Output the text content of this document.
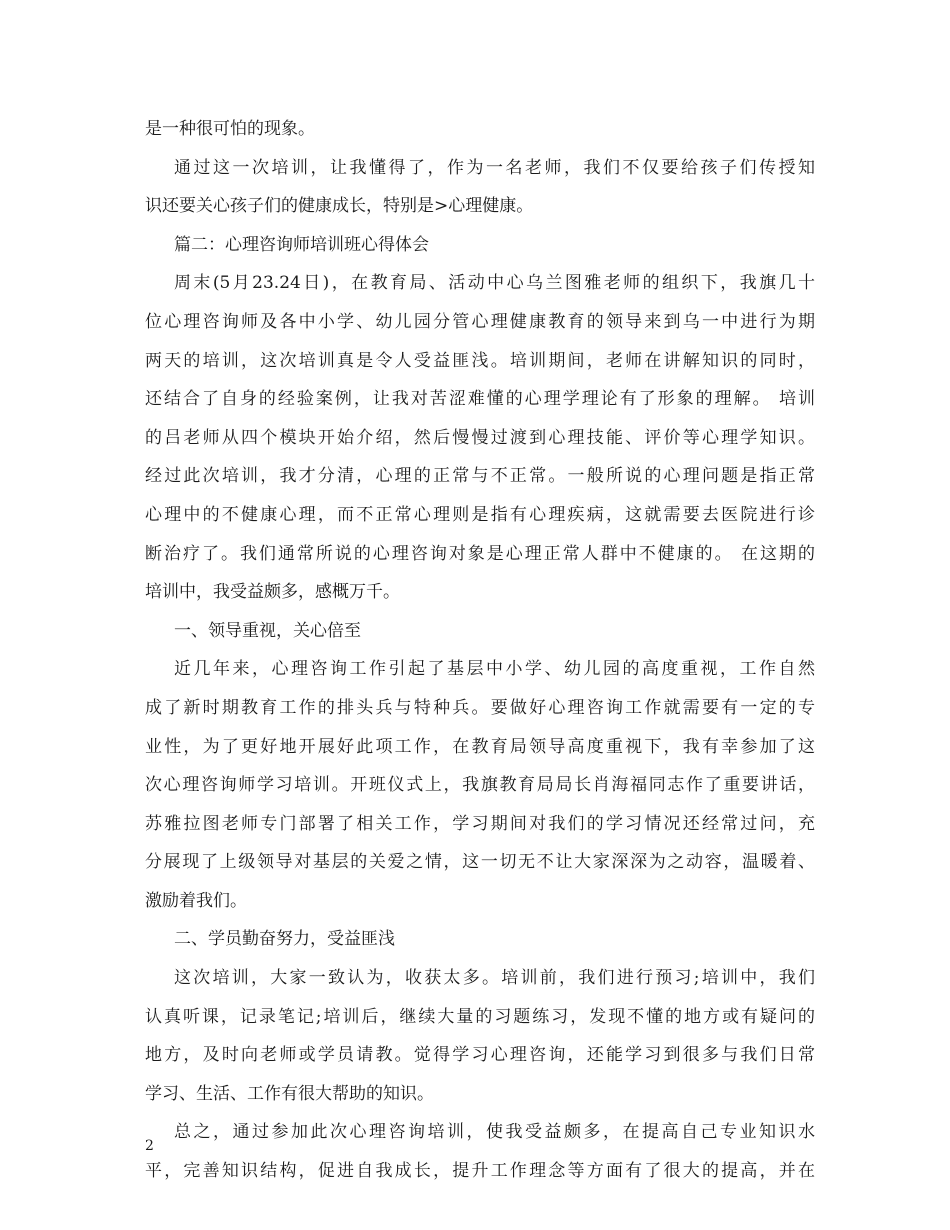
是一种很可怕的现象。
通过这一次培训，让我懂得了，作为一名老师，我们不仅要给孩子们传授知
识还要关心孩子们的健康成长，特别是>心理健康。
篇二：心理咨询师培训班心得体会
周末(5月23.24日)，在教育局、活动中心乌兰图雅老师的组织下，我旗几十
位心理咨询师及各中小学、幼儿园分管心理健康教育的领导来到乌一中进行为期
两天的培训，这次培训真是令人受益匪浅。培训期间，老师在讲解知识的同时，
还结合了自身的经验案例，让我对苦涩难懂的心理学理论有了形象的理解。 培训
的吕老师从四个模块开始介绍，然后慢慢过渡到心理技能、评价等心理学知识。
经过此次培训，我才分清，心理的正常与不正常。一般所说的心理问题是指正常
心理中的不健康心理，而不正常心理则是指有心理疾病，这就需要去医院进行诊
断治疗了。我们通常所说的心理咨询对象是心理正常人群中不健康的。 在这期的
培训中，我受益颇多，感概万千。
一、领导重视，关心倍至
近几年来，心理咨询工作引起了基层中小学、幼儿园的高度重视，工作自然
成了新时期教育工作的排头兵与特种兵。要做好心理咨询工作就需要有一定的专
业性，为了更好地开展好此项工作，在教育局领导高度重视下，我有幸参加了这
次心理咨询师学习培训。开班仪式上，我旗教育局局长肖海福同志作了重要讲话，
苏雅拉图老师专门部署了相关工作，学习期间对我们的学习情况还经常过问，充
分展现了上级领导对基层的关爱之情，这一切无不让大家深深为之动容，温暖着、
激励着我们。
二、学员勤奋努力，受益匪浅
这次培训，大家一致认为，收获太多。培训前，我们进行预习;培训中，我们
认真听课，记录笔记;培训后，继续大量的习题练习，发现不懂的地方或有疑问的
地方，及时向老师或学员请教。觉得学习心理咨询，还能学习到很多与我们日常
学习、生活、工作有很大帮助的知识。
总之，通过参加此次心理咨询培训，使我受益颇多，在提高自己专业知识水
平，完善知识结构，促进自我成长，提升工作理念等方面有了很大的提高，并在
2
